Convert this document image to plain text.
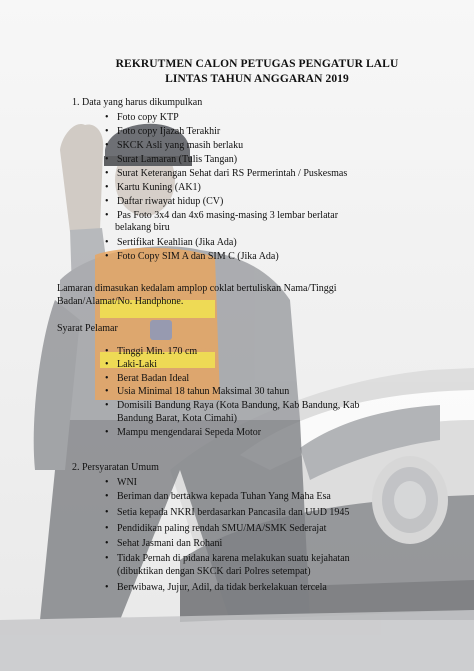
REKRUTMEN CALON PETUGAS PENGATUR LALU
LINTAS TAHUN ANGGARAN 2019
1. Data yang harus dikumpulkan
• Foto copy KTP
• Foto copy Ijazah Terakhir
• SKCK Asli yang masih berlaku
• Surat Lamaran (Tulis Tangan)
• Surat Keterangan Sehat dari RS Permerintah / Puskesmas
• Kartu Kuning (AK1)
• Daftar riwayat hidup (CV)
• Pas Foto 3x4 dan 4x6 masing-masing 3 lembar berlatar
belakang biru
• Sertifikat Keahlian (Jika Ada)
• Foto Copy SIM A dan SIM C (Jika Ada)
Lamaran dimasukan kedalam amplop coklat bertuliskan Nama/Tinggi
Badan/Alamat/No. Handphone.
Syarat Pelamar
• Tinggi Min. 170 cm
• Laki-Laki
• Berat Badan Ideal
• Usia Minimal 18 tahun Maksimal 30 tahun
• Domisili Bandung Raya (Kota Bandung, Kab Bandung, Kab
Bandung Barat, Kota Cimahi)
• Mampu mengendarai Sepeda Motor
2. Persyaratan Umum
• WNI
• Beriman dan bertakwa kepada Tuhan Yang Maha Esa
• Setia kepada NKRI berdasarkan Pancasila dan UUD 1945
• Pendidikan paling rendah SMU/MA/SMK Sederajat
• Sehat Jasmani dan Rohani
• Tidak Pernah di pidana karena melakukan suatu kejahatan
(dibuktikan dengan SKCK dari Polres setempat)
• Berwibawa, Jujur, Adil, da tidak berkelakuan tercela
